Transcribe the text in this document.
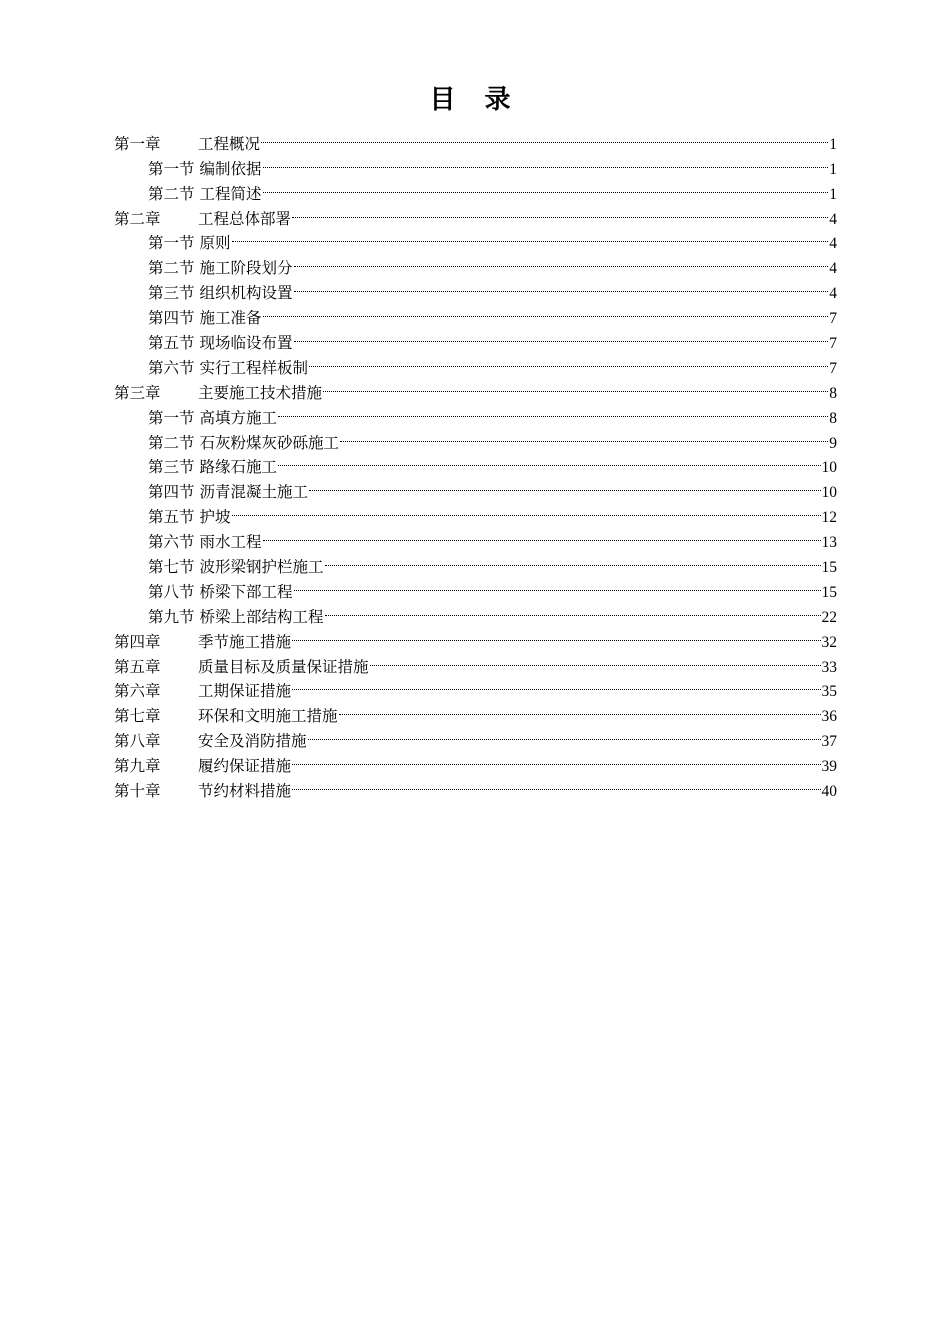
目 录
第一章	工程概况	1
第一节 编制依据	1
第二节 工程简述	1
第二章	工程总体部署	4
第一节 原则	4
第二节 施工阶段划分	4
第三节 组织机构设置	4
第四节 施工准备	7
第五节 现场临设布置	7
第六节 实行工程样板制	7
第三章	主要施工技术措施	8
第一节 高填方施工	8
第二节 石灰粉煤灰砂砾施工	9
第三节 路缘石施工	10
第四节 沥青混凝土施工	10
第五节 护坡	12
第六节 雨水工程	13
第七节 波形梁钢护栏施工	15
第八节 桥梁下部工程	15
第九节 桥梁上部结构工程	22
第四章	季节施工措施	32
第五章	质量目标及质量保证措施	33
第六章	工期保证措施	35
第七章	环保和文明施工措施	36
第八章	安全及消防措施	37
第九章	履约保证措施	39
第十章	节约材料措施	40
